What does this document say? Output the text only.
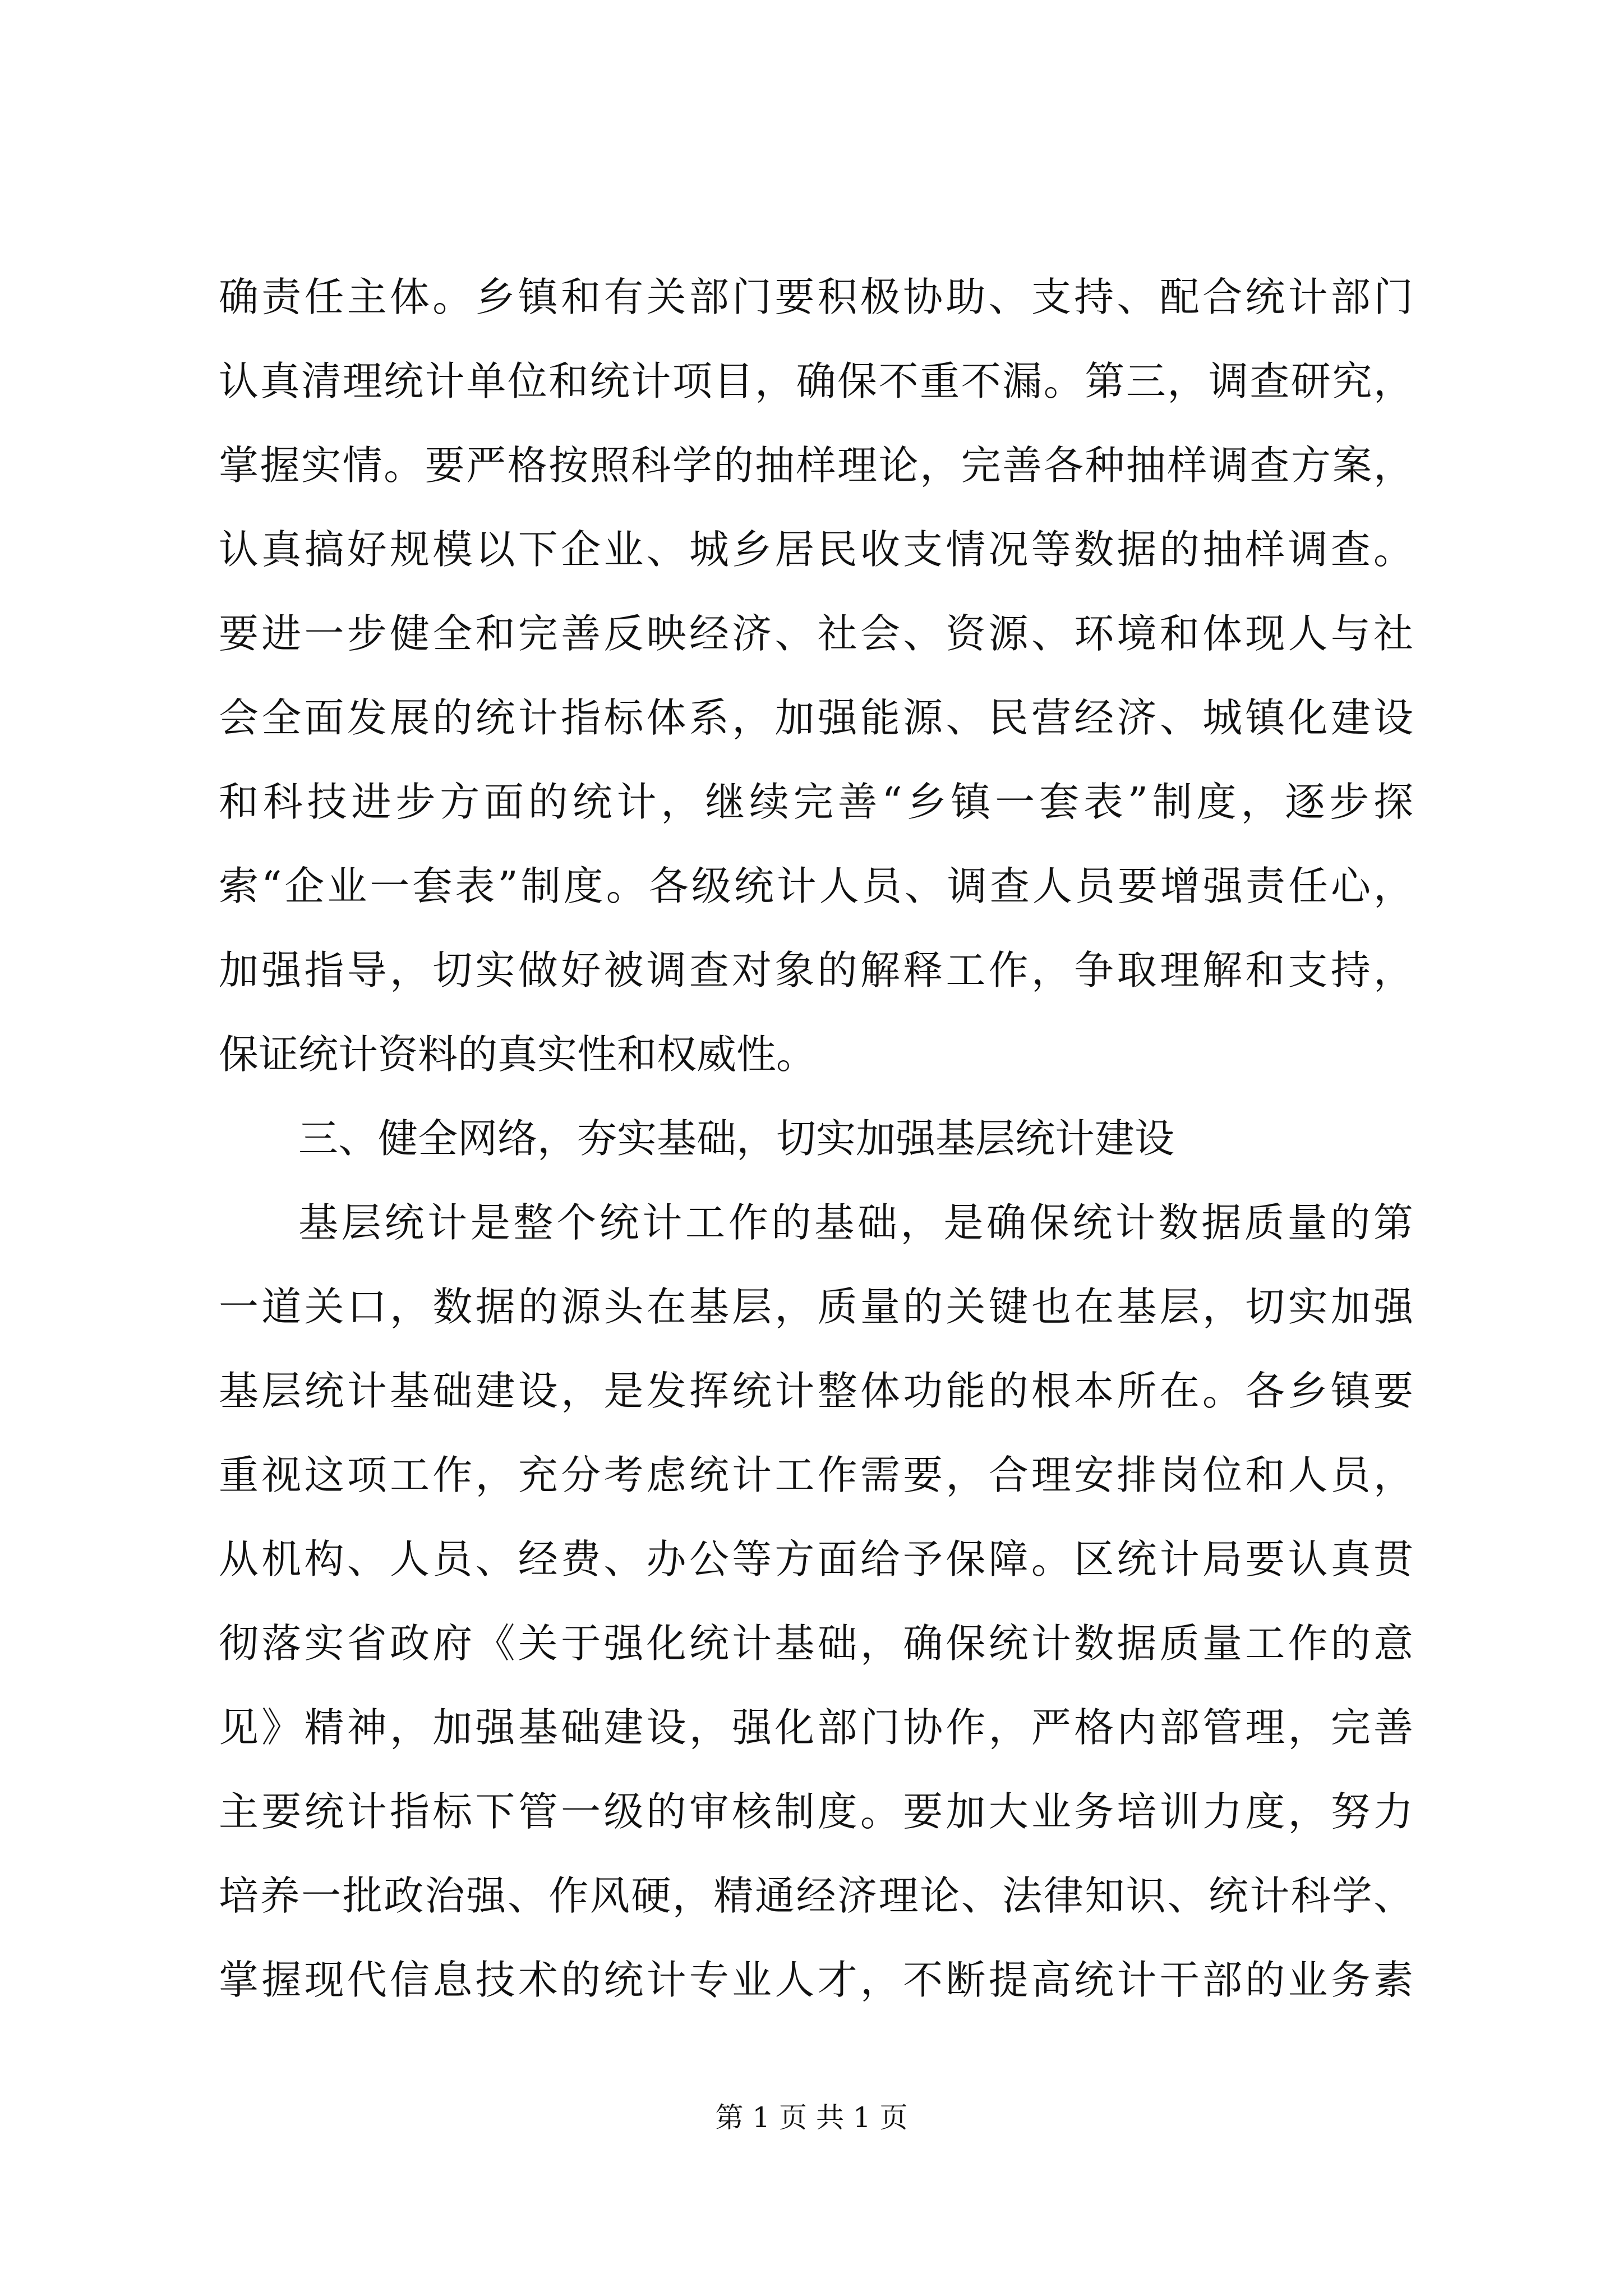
确责任主体。乡镇和有关部门要积极协助、支持、配合统计部门
认真清理统计单位和统计项目，确保不重不漏。第三，调查研究，
掌握实情。要严格按照科学的抽样理论，完善各种抽样调查方案，
认真搞好规模以下企业、城乡居民收支情况等数据的抽样调查。
要进一步健全和完善反映经济、社会、资源、环境和体现人与社
会全面发展的统计指标体系，加强能源、民营经济、城镇化建设
和科技进步方面的统计，继续完善“乡镇一套表”制度，逐步探
索“企业一套表”制度。各级统计人员、调查人员要增强责任心，
加强指导，切实做好被调查对象的解释工作，争取理解和支持，
保证统计资料的真实性和权威性。
三、健全网络，夯实基础，切实加强基层统计建设
基层统计是整个统计工作的基础，是确保统计数据质量的第
一道关口，数据的源头在基层，质量的关键也在基层，切实加强
基层统计基础建设，是发挥统计整体功能的根本所在。各乡镇要
重视这项工作，充分考虑统计工作需要，合理安排岗位和人员，
从机构、人员、经费、办公等方面给予保障。区统计局要认真贯
彻落实省政府《关于强化统计基础，确保统计数据质量工作的意
见》精神，加强基础建设，强化部门协作，严格内部管理，完善
主要统计指标下管一级的审核制度。要加大业务培训力度，努力
培养一批政治强、作风硬，精通经济理论、法律知识、统计科学、
掌握现代信息技术的统计专业人才，不断提高统计干部的业务素
第 1 页 共 1 页
